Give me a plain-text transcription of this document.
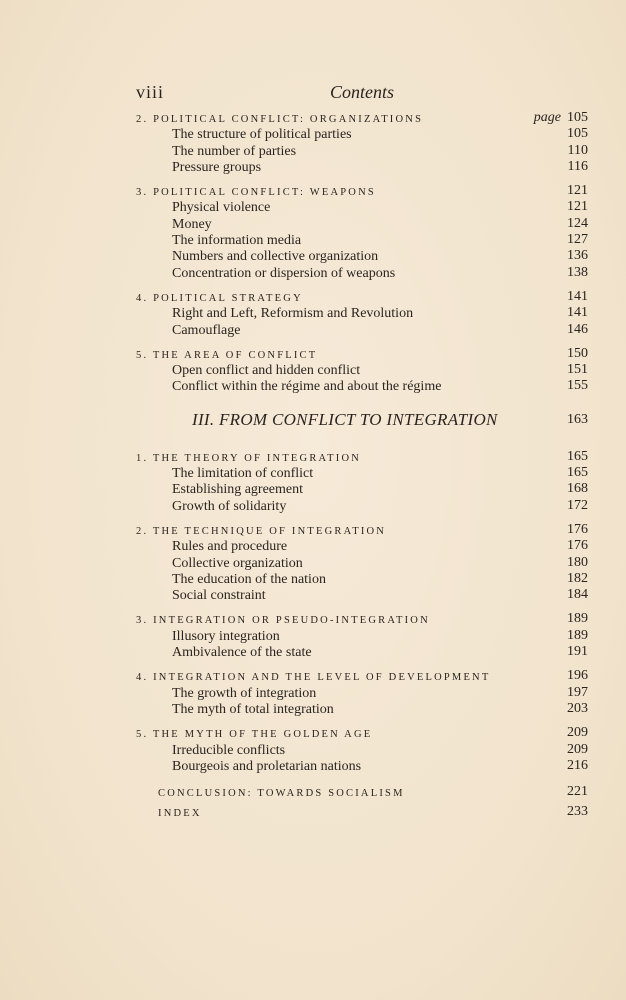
viii	Contents
2. POLITICAL CONFLICT: ORGANIZATIONS	page 105
The structure of political parties	105
The number of parties	110
Pressure groups	116
3. POLITICAL CONFLICT: WEAPONS	121
Physical violence	121
Money	124
The information media	127
Numbers and collective organization	136
Concentration or dispersion of weapons	138
4. POLITICAL STRATEGY	141
Right and Left, Reformism and Revolution	141
Camouflage	146
5. THE AREA OF CONFLICT	150
Open conflict and hidden conflict	151
Conflict within the régime and about the régime	155
III. FROM CONFLICT TO INTEGRATION	163
1. THE THEORY OF INTEGRATION	165
The limitation of conflict	165
Establishing agreement	168
Growth of solidarity	172
2. THE TECHNIQUE OF INTEGRATION	176
Rules and procedure	176
Collective organization	180
The education of the nation	182
Social constraint	184
3. INTEGRATION OR PSEUDO-INTEGRATION	189
Illusory integration	189
Ambivalence of the state	191
4. INTEGRATION AND THE LEVEL OF DEVELOPMENT	196
The growth of integration	197
The myth of total integration	203
5. THE MYTH OF THE GOLDEN AGE	209
Irreducible conflicts	209
Bourgeois and proletarian nations	216
CONCLUSION: TOWARDS SOCIALISM	221
INDEX	233
